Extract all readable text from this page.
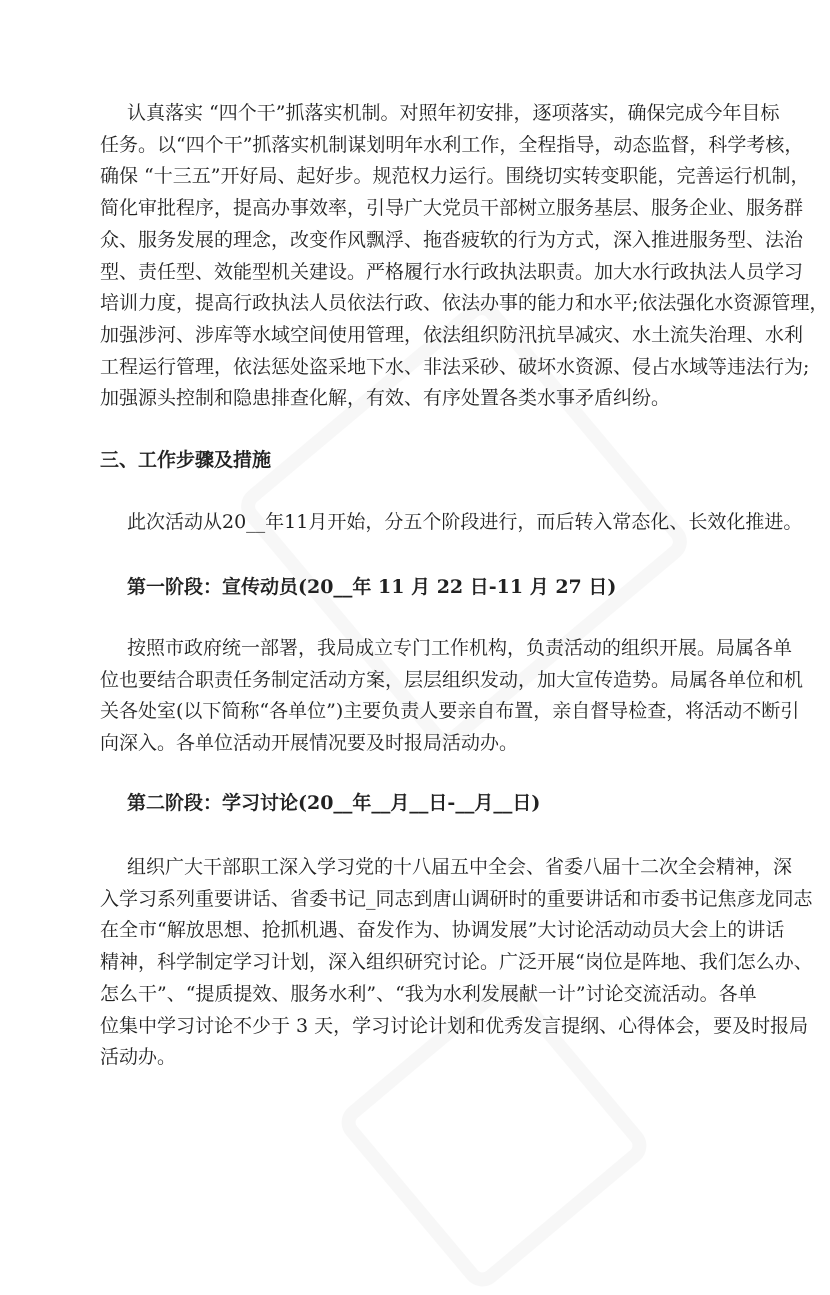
三、工作步骤及措施
此次活动从20__年11月开始，分五个阶段进行，而后转入常态化、长效化推进。
第一阶段：宣传动员(20__年 11 月 22 日-11 月 27 日)
第二阶段：学习讨论(20__年__月__日-__月__日)
认真落实 “四个干”抓落实机制。对照年初安排，逐项落实，确保完成今年目标
任务。以“四个干”抓落实机制谋划明年水利工作，全程指导，动态监督，科学考核，
确保 “十三五”开好局、起好步。规范权力运行。围绕切实转变职能，完善运行机制，
简化审批程序，提高办事效率，引导广大党员干部树立服务基层、服务企业、服务群
众、服务发展的理念，改变作风飘浮、拖沓疲软的行为方式，深入推进服务型、法治
型、责任型、效能型机关建设。严格履行水行政执法职责。加大水行政执法人员学习
培训力度，提高行政执法人员依法行政、依法办事的能力和水平;依法强化水资源管理，
加强涉河、涉库等水域空间使用管理，依法组织防汛抗旱减灾、水土流失治理、水利
工程运行管理，依法惩处盗采地下水、非法采砂、破坏水资源、侵占水域等违法行为;
加强源头控制和隐患排查化解，有效、有序处置各类水事矛盾纠纷。
按照市政府统一部署，我局成立专门工作机构，负责活动的组织开展。局属各单
位也要结合职责任务制定活动方案，层层组织发动，加大宣传造势。局属各单位和机
关各处室(以下简称“各单位”)主要负责人要亲自布置，亲自督导检查，将活动不断引
向深入。各单位活动开展情况要及时报局活动办。
组织广大干部职工深入学习党的十八届五中全会、省委八届十二次全会精神，深
入学习系列重要讲话、省委书记_同志到唐山调研时的重要讲话和市委书记焦彦龙同志
在全市“解放思想、抢抓机遇、奋发作为、协调发展”大讨论活动动员大会上的讲话
精神，科学制定学习计划，深入组织研究讨论。广泛开展“岗位是阵地、我们怎么办、
怎么干”、“提质提效、服务水利”、“我为水利发展献一计”讨论交流活动。各单
位集中学习讨论不少于 3 天，学习讨论计划和优秀发言提纲、心得体会，要及时报局
活动办。
